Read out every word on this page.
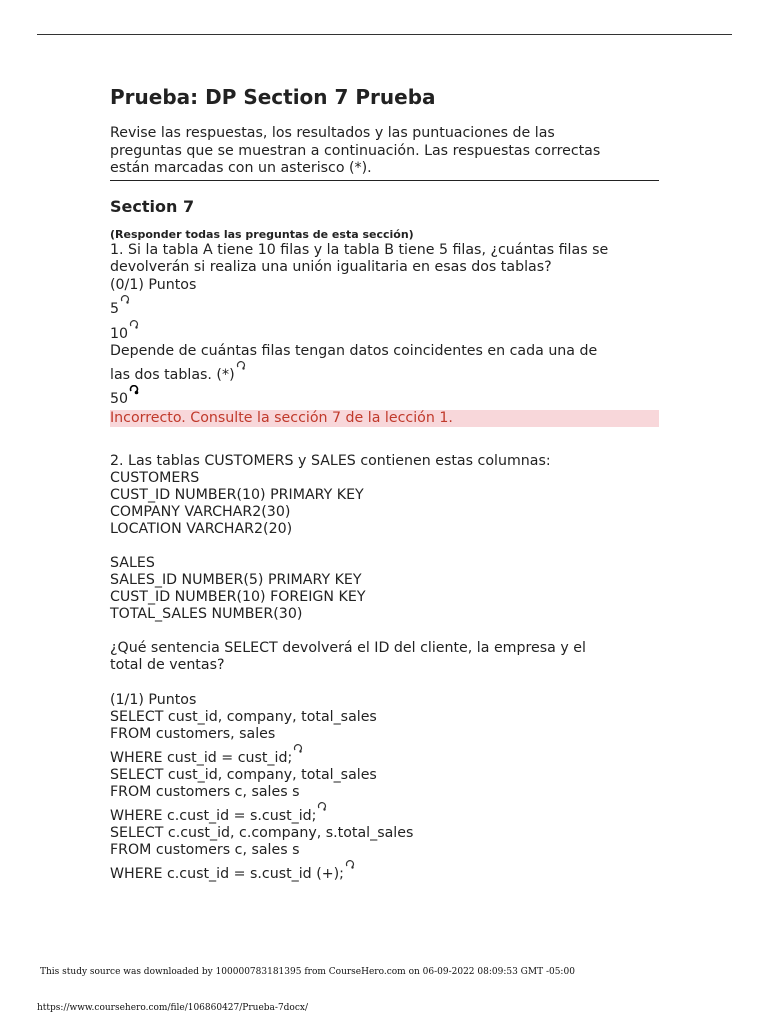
Prueba: DP Section 7 Prueba
Revise las respuestas, los resultados y las puntuaciones de las
preguntas que se muestran a continuación. Las respuestas correctas
están marcadas con un asterisco (*).
Section 7
(Responder todas las preguntas de esta sección)
1. Si la tabla A tiene 10 filas y la tabla B tiene 5 filas, ¿cuántas filas se
devolverán si realiza una unión igualitaria en esas dos tablas?
(0/1) Puntos
5
10
Depende de cuántas filas tengan datos coincidentes en cada una de
las dos tablas. (*)
50
Incorrecto. Consulte la sección 7 de la lección 1.
2. Las tablas CUSTOMERS y SALES contienen estas columnas:
CUSTOMERS
CUST_ID NUMBER(10) PRIMARY KEY
COMPANY VARCHAR2(30)
LOCATION VARCHAR2(20)
SALES
SALES_ID NUMBER(5) PRIMARY KEY
CUST_ID NUMBER(10) FOREIGN KEY
TOTAL_SALES NUMBER(30)
¿Qué sentencia SELECT devolverá el ID del cliente, la empresa y el
total de ventas?
(1/1) Puntos
SELECT cust_id, company, total_sales
FROM customers, sales
WHERE cust_id = cust_id;
SELECT cust_id, company, total_sales
FROM customers c, sales s
WHERE c.cust_id = s.cust_id;
SELECT c.cust_id, c.company, s.total_sales
FROM customers c, sales s
WHERE c.cust_id = s.cust_id (+);
This study source was downloaded by 100000783181395 from CourseHero.com on 06-09-2022 08:09:53 GMT -05:00
https://www.coursehero.com/file/106860427/Prueba-7docx/
